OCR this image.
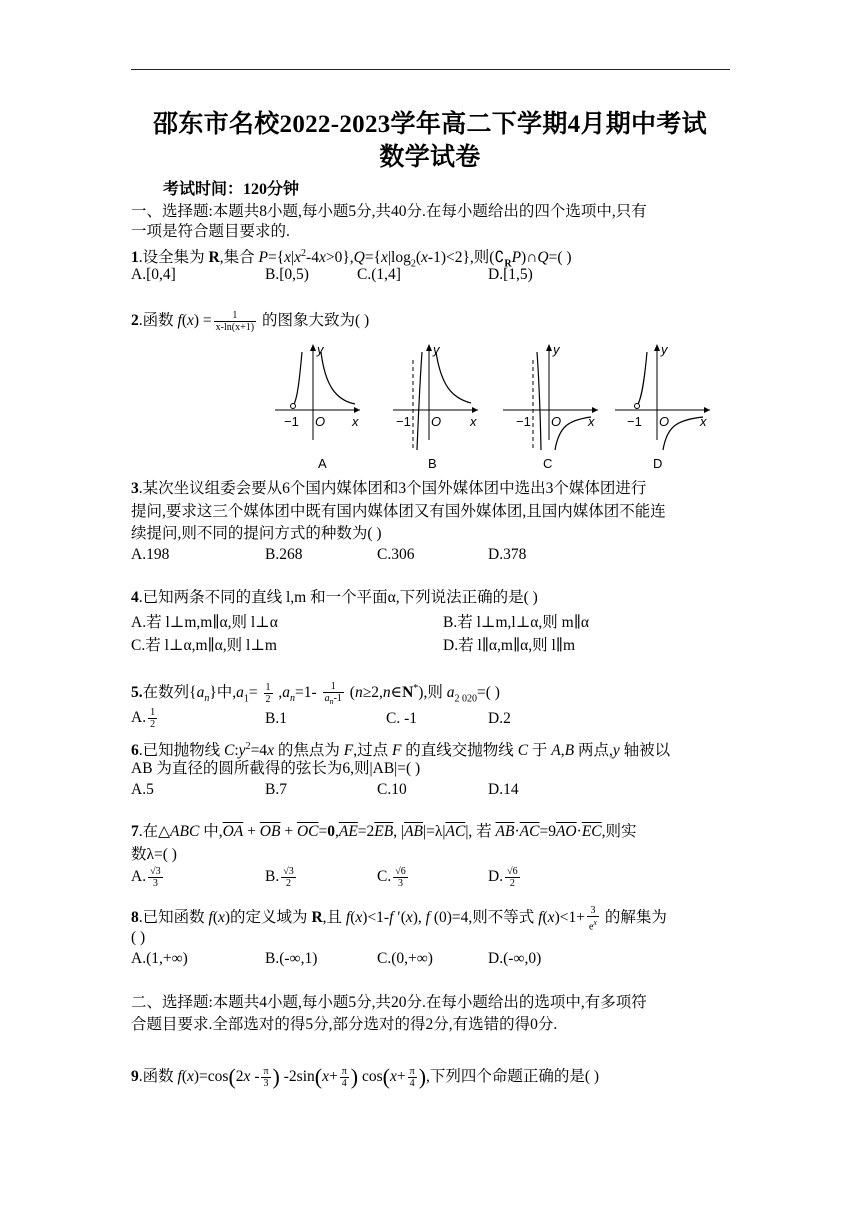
邵东市名校2022-2023学年高二下学期4月期中考试
数学试卷
考试时间：120分钟
一、选择题:本题共8小题,每小题5分,共40分.在每小题给出的四个选项中,只有
一项是符合题目要求的.
1.设全集为 R,集合 $P=\{x|x^2-4x>0\},Q=\{x|\log_2(x-1)<2\}$,则$(∁_RP)\cap Q=$( )
A.[0,4]	B.[0,5)	C.(1,4]	D.[1,5)
2.函数 $f(x) = \frac{1}{x-\ln(x+1)}$ 的图象大致为( )
y
x
O
−1
A
y
x
O
−1
B
y
x
O
−1
C
y
x
O
−1
D
3.某次坐议组委会要从6个国内媒体团和3个国外媒体团中选出3个媒体团进行
提问,要求这三个媒体团中既有国内媒体团又有国外媒体团,且国内媒体团不能连
续提问,则不同的提问方式的种数为( )
A.198	B.268	C.306	D.378
4.已知两条不同的直线 l,m 和一个平面α,下列说法正确的是( )
A.若 l⊥m,m∥α,则 l⊥α	B.若 l⊥m,l⊥α,则 m∥α
C.若 l⊥α,m∥α,则 l⊥m	D.若 l∥α,m∥α,则 l∥m
5.在数列$\{a_n\}$中$,a_1= \frac{1}{2} ,a_n=1- \frac{1}{a_n-1}$ (n≥2,n∈N*),则 $a_{2 020}=$( )
A. $\frac{1}{2}$	B.1	C. -1	D.2
6.已知抛物线 $C:y^2=4x$ 的焦点为 F,过点 F 的直线交抛物线 C 于 A,B 两点,y 轴被以
AB 为直径的圆所截得的弦长为6,则|AB|=( )
A.5	B.7	C.10	D.14
7.在△ABC 中$,\overline{OA} + \overline{OB} + \overline{OC}=0,\overline{AE}=2\overline{EB}$, $|\overline{AB}|=\lambda|\overline{AC}|$, 若 $\overline{AB}\cdot\overline{AC}=9\overline{AO}\cdot\overline{EC}$,则实
数λ=( )
A. $\frac{√3}{3}$	B. $\frac{√3}{2}$	C. $\frac{√6}{3}$	D. $\frac{√6}{2}$
8.已知函数 f(x)的定义域为 R,且 f(x)<1-f ′(x), f (0)=4,则不等式 $f(x)<1+ \frac{3}{e^x}$ 的解集为
( )
A.(1,+∞)	B.(-∞,1)	C.(0,+∞)	D.(-∞,0)
二、选择题:本题共4小题,每小题5分,共20分.在每小题给出的选项中,有多项符
合题目要求.全部选对的得5分,部分选对的得2分,有选错的得0分.
9.函数 $f(x)=\cos(2x - \frac{\pi}{3}$ ) $-2\sin(x+ \frac{\pi}{4}$ ) $\cos(x+ \frac{\pi}{4}$ ),下列四个命题正确的是( )
